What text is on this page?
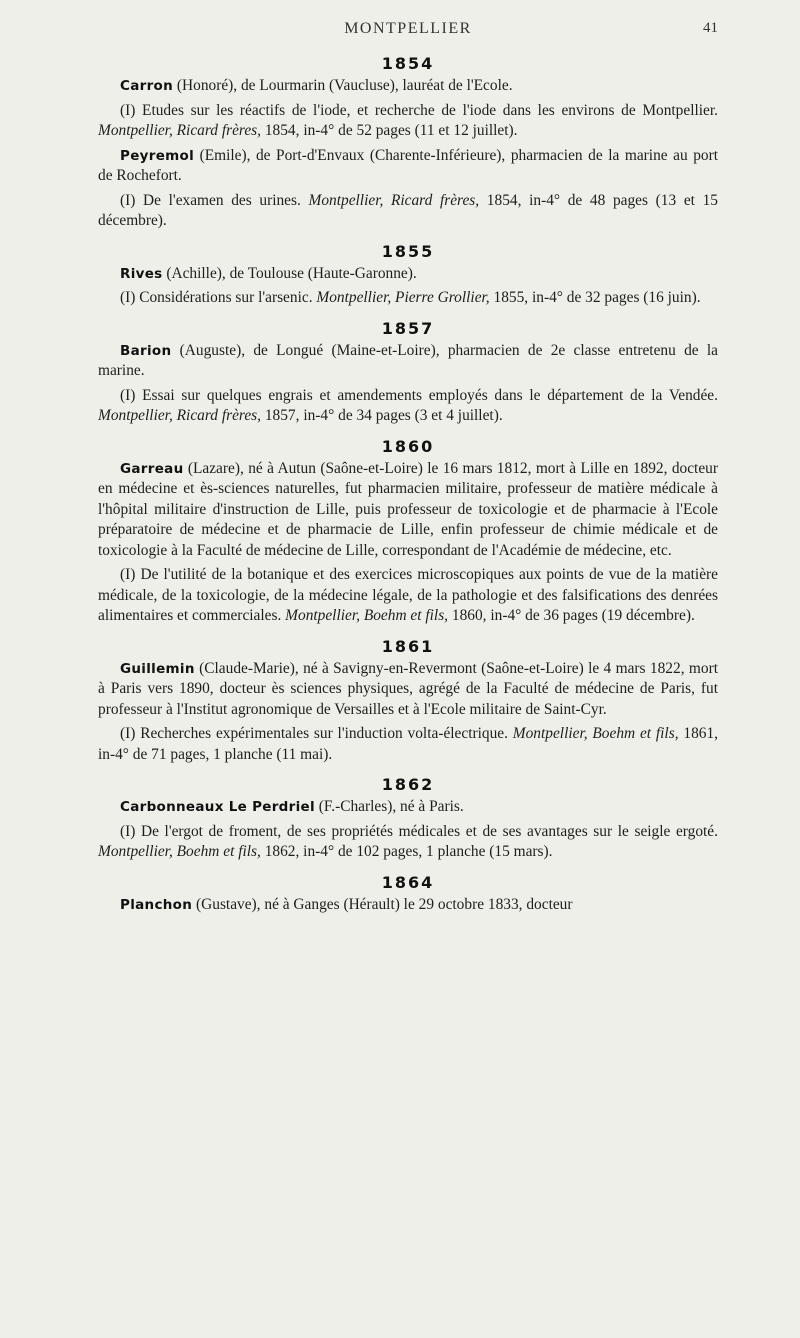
MONTPELLIER	41
1854

Carron (Honoré), de Lourmarin (Vaucluse), lauréat de l'Ecole.

(I) Etudes sur les réactifs de l'iode, et recherche de l'iode dans les environs de Montpellier. Montpellier, Ricard frères, 1854, in-4° de 52 pages (11 et 12 juillet).

Peyremol (Emile), de Port-d'Envaux (Charente-Inférieure), pharmacien de la marine au port de Rochefort.

(I) De l'examen des urines. Montpellier, Ricard frères, 1854, in-4° de 48 pages (13 et 15 décembre).

1855

Rives (Achille), de Toulouse (Haute-Garonne).

(I) Considérations sur l'arsenic. Montpellier, Pierre Grollier, 1855, in-4° de 32 pages (16 juin).

1857

Barion (Auguste), de Longué (Maine-et-Loire), pharmacien de 2e classe entretenu de la marine.

(I) Essai sur quelques engrais et amendements employés dans le département de la Vendée. Montpellier, Ricard frères, 1857, in-4° de 34 pages (3 et 4 juillet).

1860

Garreau (Lazare), né à Autun (Saône-et-Loire) le 16 mars 1812, mort à Lille en 1892, docteur en médecine et ès-sciences naturelles, fut pharmacien militaire, professeur de matière médicale à l'hôpital militaire d'instruction de Lille, puis professeur de toxicologie et de pharmacie à l'Ecole préparatoire de médecine et de pharmacie de Lille, enfin professeur de chimie médicale et de toxicologie à la Faculté de médecine de Lille, correspondant de l'Académie de médecine, etc.

(I) De l'utilité de la botanique et des exercices microscopiques aux points de vue de la matière médicale, de la toxicologie, de la médecine légale, de la pathologie et des falsifications des denrées alimentaires et commerciales. Montpellier, Boehm et fils, 1860, in-4° de 36 pages (19 décembre).

1861

Guillemin (Claude-Marie), né à Savigny-en-Revermont (Saône-et-Loire) le 4 mars 1822, mort à Paris vers 1890, docteur ès sciences physiques, agrégé de la Faculté de médecine de Paris, fut professeur à l'Institut agronomique de Versailles et à l'Ecole militaire de Saint-Cyr.

(I) Recherches expérimentales sur l'induction volta-électrique. Montpellier, Boehm et fils, 1861, in-4° de 71 pages, 1 planche (11 mai).

1862

Carbonneaux Le Perdriel (F.-Charles), né à Paris.

(I) De l'ergot de froment, de ses propriétés médicales et de ses avantages sur le seigle ergoté. Montpellier, Boehm et fils, 1862, in-4° de 102 pages, 1 planche (15 mars).

1864

Planchon (Gustave), né à Ganges (Hérault) le 29 octobre 1833, docteur
